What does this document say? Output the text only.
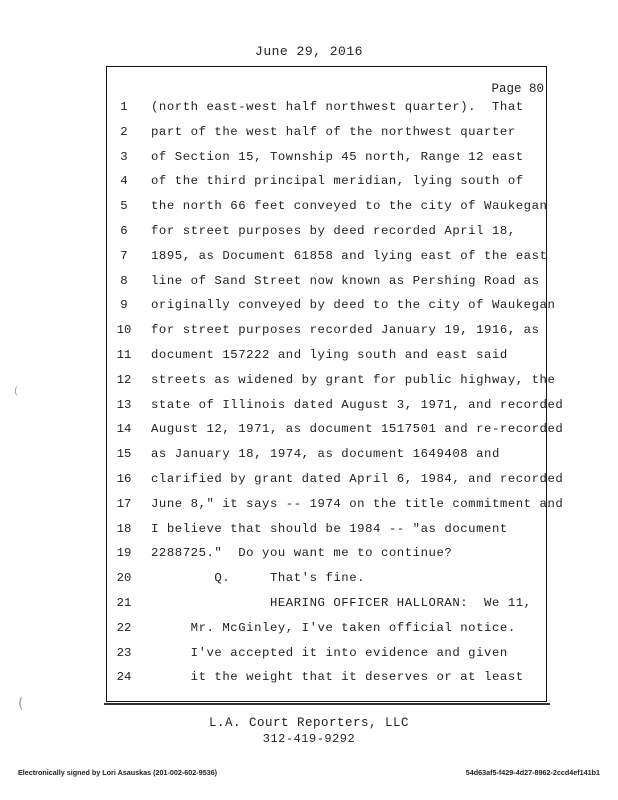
June 29, 2016
Page 80
1	(north east-west half northwest quarter).  That
2	part of the west half of the northwest quarter
3	of Section 15, Township 45 north, Range 12 east
4	of the third principal meridian, lying south of
5	the north 66 feet conveyed to the city of Waukegan
6	for street purposes by deed recorded April 18,
7	1895, as Document 61858 and lying east of the east
8	line of Sand Street now known as Pershing Road as
9	originally conveyed by deed to the city of Waukegan
10	for street purposes recorded January 19, 1916, as
11	document 157222 and lying south and east said
12	streets as widened by grant for public highway, the
13	state of Illinois dated August 3, 1971, and recorded
14	August 12, 1971, as document 1517501 and re-recorded
15	as January 18, 1974, as document 1649408 and
16	clarified by grant dated April 6, 1984, and recorded
17	June 8," it says -- 1974 on the title commitment and
18	I believe that should be 1984 -- "as document
19	2288725."  Do you want me to continue?
20	Q.     That's fine.
21	HEARING OFFICER HALLORAN:  We 11,
22	Mr. McGinley, I've taken official notice.
23	I've accepted it into evidence and given
24	it the weight that it deserves or at least
L.A. Court Reporters, LLC
312-419-9292
Electronically signed by Lori Asauskas (201-002-602-9536)	54d63af5-f429-4d27-8962-2ccd4ef141b1
(
(
